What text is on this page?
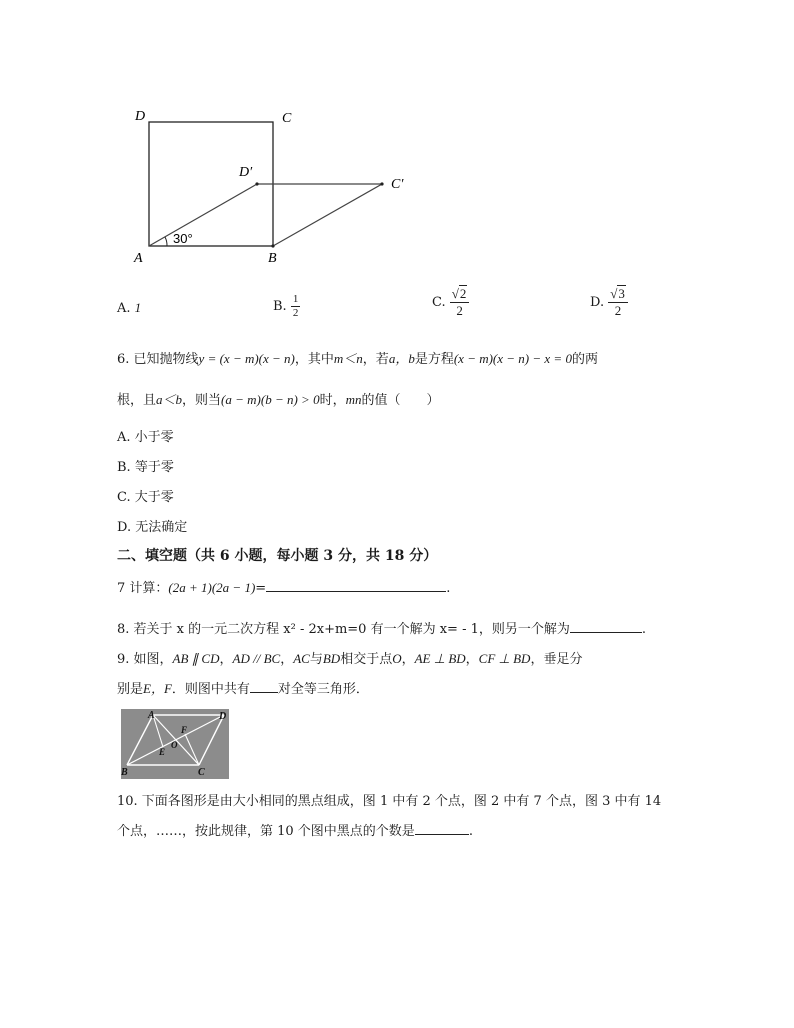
D	C
D′
C′
A	B
30°
A. 1	B. $\frac{1}{2}$	C. $\frac{√2}{2}$	D. $\frac{√3}{2}$
6. 已知抛物线y = (x − m)(x − n)，其中m＜n，若a，b是方程(x − m)(x − n) − x = 0的两
根，且a＜b，则当(a − m)(b − n) > 0时，mn的值（　　）
A. 小于零
B. 等于零
C. 大于零
D. 无法确定
二、填空题（共 6 小题，每小题 3 分，共 18 分）
7 计算：(2a + 1)(2a − 1)=	.
8. 若关于 x 的一元二次方程 x² - 2x+m=0 有一个解为 x= - 1，则另一个解为	.
9. 如图，AB ∥ CD，AD // BC，AC与BD相交于点O，AE ⊥ BD，CF ⊥ BD，垂足分
别是E，F．则图中共有 对全等三角形．
A	D
B	C
F
O
E
10. 下面各图形是由大小相同的黑点组成，图 1 中有 2 个点，图 2 中有 7 个点，图 3 中有 14
个点，……，按此规律，第 10 个图中黑点的个数是	.
